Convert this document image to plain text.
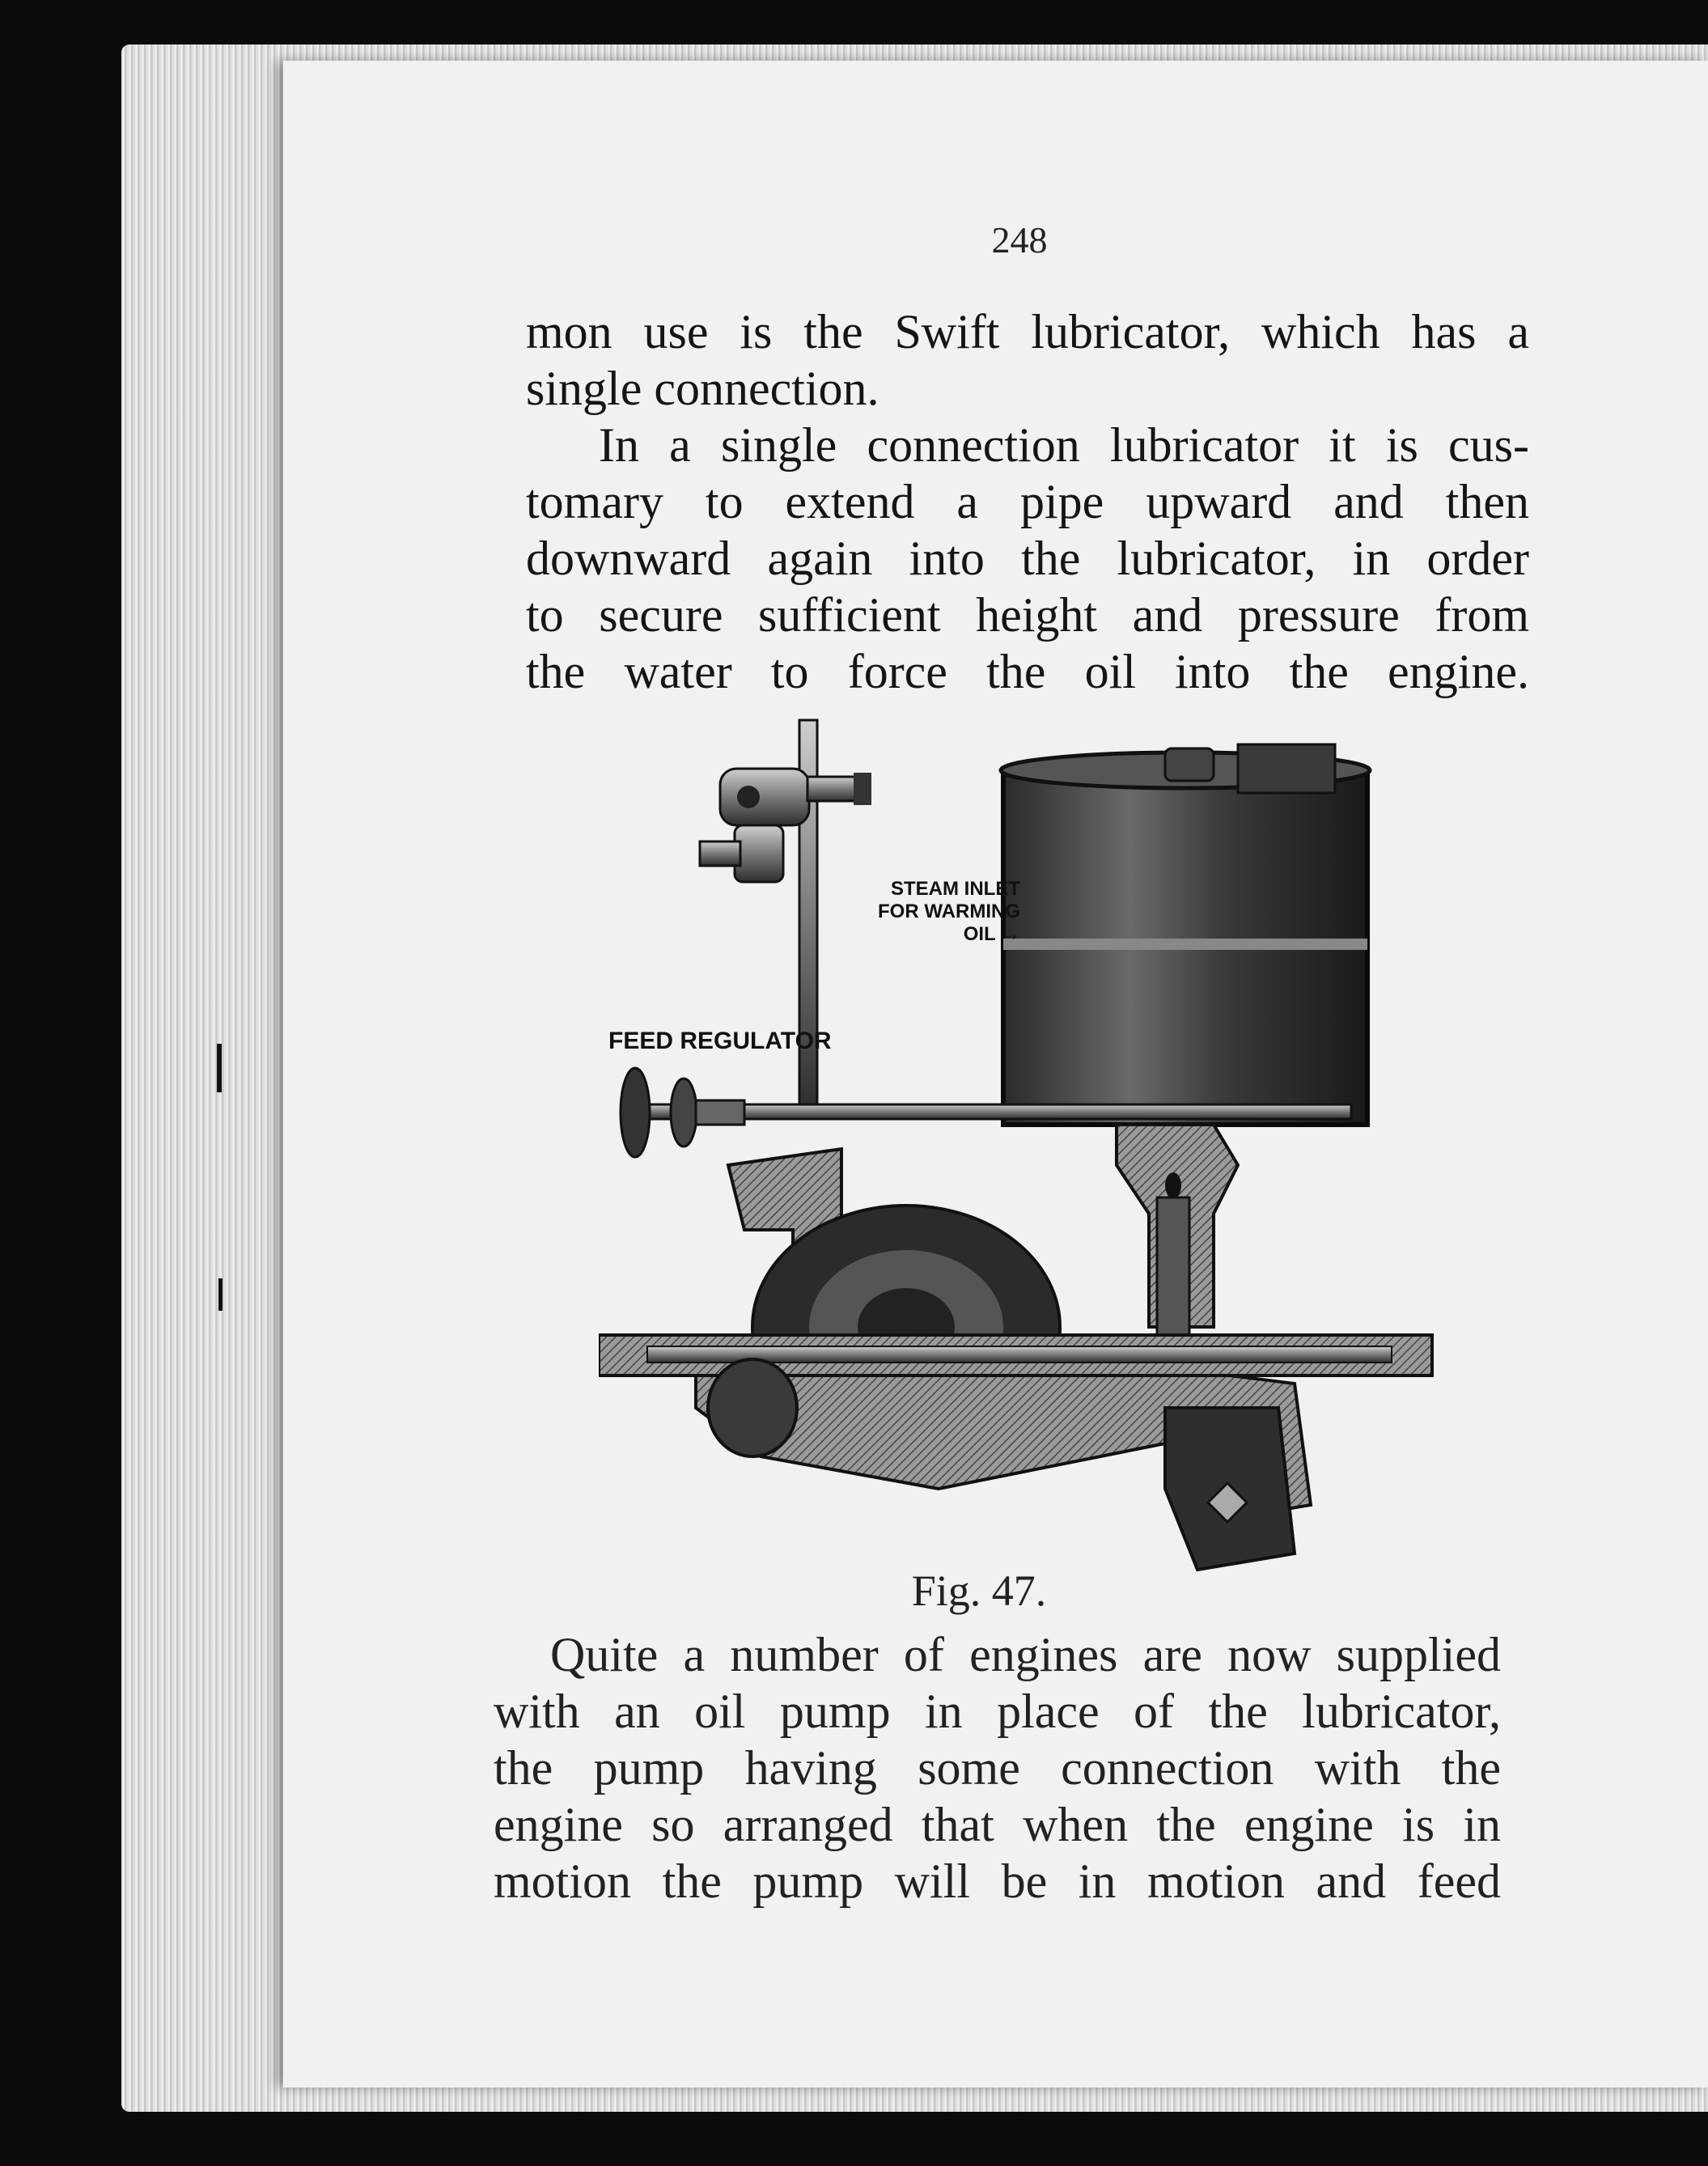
248

mon use is the Swift lubricator, which has a
single connection.

In a single connection lubricator it is cus-
tomary to extend a pipe upward and then
downward again into the lubricator, in order
to secure sufficient height and pressure from
the water to force the oil into the engine.

STEAM INLET
FOR WARMING
OIL →
FEED REGULATOR
Fig. 47.

Quite a number of engines are now supplied
with an oil pump in place of the lubricator,
the pump having some connection with the
engine so arranged that when the engine is in
motion the pump will be in motion and feed
